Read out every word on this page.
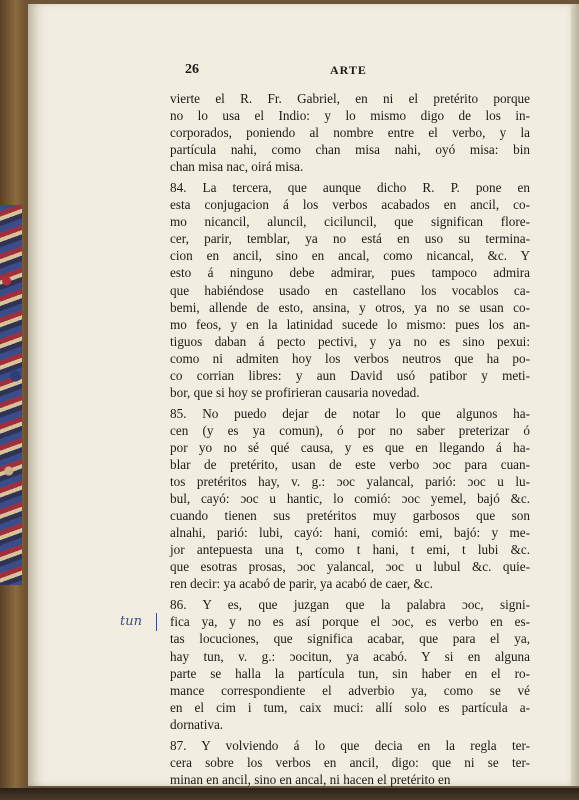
26	ARTE
vierte el R. Fr. Gabriel, en ni el pretérito porque
no lo usa el Indio: y lo mismo digo de los in-
corporados, poniendo al nombre entre el verbo, y la
partícula nahi, como chan misa nahi, oyó misa: bin
chan misa nac, oirá misa.
84. La tercera, que aunque dicho R. P. pone en
esta conjugacion á los verbos acabados en ancil, co-
mo nicancil, aluncil, ciciluncil, que significan flore-
cer, parir, temblar, ya no está en uso su termina-
cion en ancil, sino en ancal, como nicancal, &c. Y
esto á ninguno debe admirar, pues tampoco admira
que habiéndose usado en castellano los vocablos ca-
bemi, allende de esto, ansina, y otros, ya no se usan co-
mo feos, y en la latinidad sucede lo mismo: pues los an-
tiguos daban á pecto pectivi, y ya no es sino pexui:
como ni admiten hoy los verbos neutros que ha po-
co corrian libres: y aun David usó patibor y meti-
bor, que si hoy se profirieran causaria novedad.
85. No puedo dejar de notar lo que algunos ha-
cen (y es ya comun), ó por no saber preterizar ó
por yo no sé qué causa, y es que en llegando á ha-
blar de pretérito, usan de este verbo ɔoc para cuan-
tos pretéritos hay, v. g.: ɔoc yalancal, parió: ɔoc u lu-
bul, cayó: ɔoc u hantic, lo comió: ɔoc yemel, bajó &c.
cuando tienen sus pretéritos muy garbosos que son
alnahi, parió: lubi, cayó: hani, comió: emi, bajó: y me-
jor antepuesta una t, como t hani, t emi, t lubi &c.
que esotras prosas, ɔoc yalancal, ɔoc u lubul &c. quie-
ren decir: ya acabó de parir, ya acabó de caer, &c.
86. Y es, que juzgan que la palabra ɔoc, signi-
fica ya, y no es así porque el ɔoc, es verbo en es-
tas locuciones, que significa acabar, que para el ya,
hay tun, v. g.: ɔocitun, ya acabó. Y si en alguna
parte se halla la partícula tun, sin haber en el ro-
mance correspondiente el adverbio ya, como se vé
en el cim i tum, caix muci: allí solo es partícula a-
dornativa.
87. Y volviendo á lo que decia en la regla ter-
cera sobre los verbos en ancil, digo: que ni se ter-
minan en ancil, sino en ancal, ni hacen el pretérito en
tun
